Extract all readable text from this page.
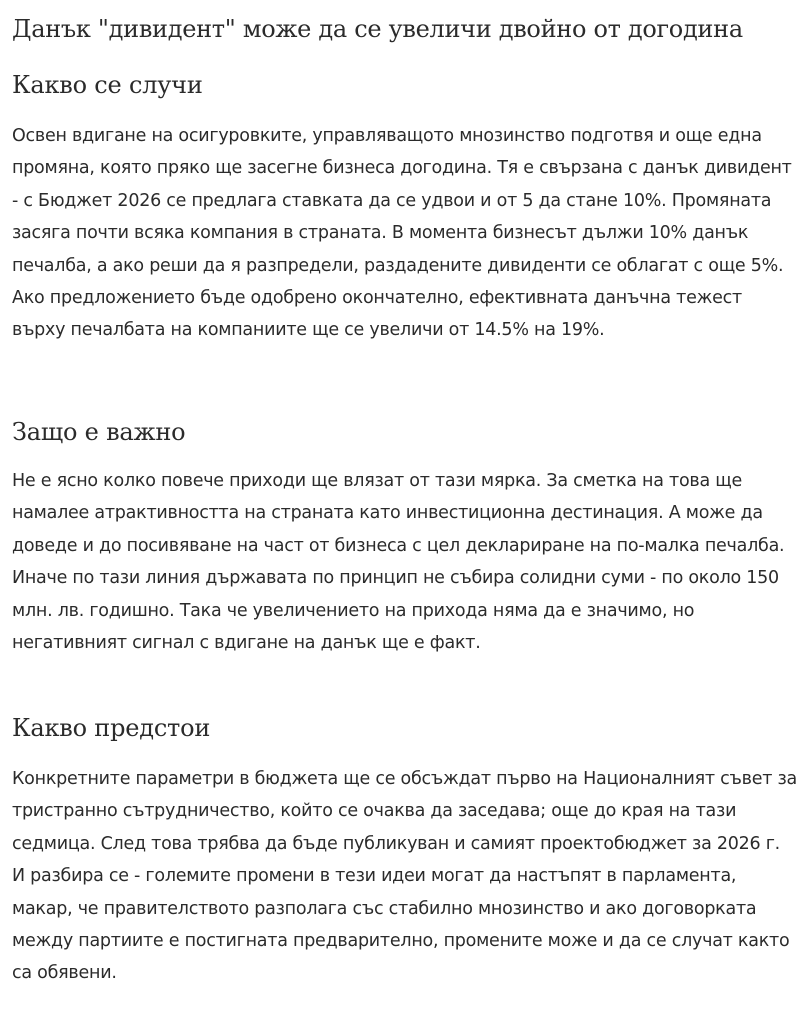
Данък "дивидент" може да се увеличи двойно от догодина
Какво се случи

Освен вдигане на осигуровките, управляващото мнозинство подготвя и още една промяна, която пряко ще засегне бизнеса догодина. Тя е свързана с данък дивидент - с Бюджет 2026 се предлага ставката да се удвои и от 5 да стане 10%. Промяната засяга почти всяка компания в страната. В момента бизнесът дължи 10% данък печалба, а ако реши да я разпредели, раздадените дивиденти се облагат с още 5%. Ако предложението бъде одобрено окончателно, ефективната данъчна тежест върху печалбата на компаниите ще се увеличи от 14.5% на 19%.

Защо е важно

Не е ясно колко повече приходи ще влязат от тази мярка. За сметка на това ще намалее атрактивността на страната като инвестиционна дестинация. А може да доведе и до посивяване на част от бизнеса с цел деклариране на по-малка печалба. Иначе по тази линия държавата по принцип не събира солидни суми - по около 150 млн. лв. годишно. Така че увеличението на прихода няма да е значимо, но негативният сигнал с вдигане на данък ще е факт.

Какво предстои

Конкретните параметри в бюджета ще се обсъждат първо на Националният съвет за тристранно сътрудничество, който се очаква да заседава; още до края на тази седмица. След това трябва да бъде публикуван и самият проектобюджет за 2026 г. И разбира се - големите промени в тези идеи могат да настъпят в парламента, макар, че правителството разполага със стабилно мнозинство и ако договорката между партиите е постигната предварително, промените може и да се случат както са обявени.
